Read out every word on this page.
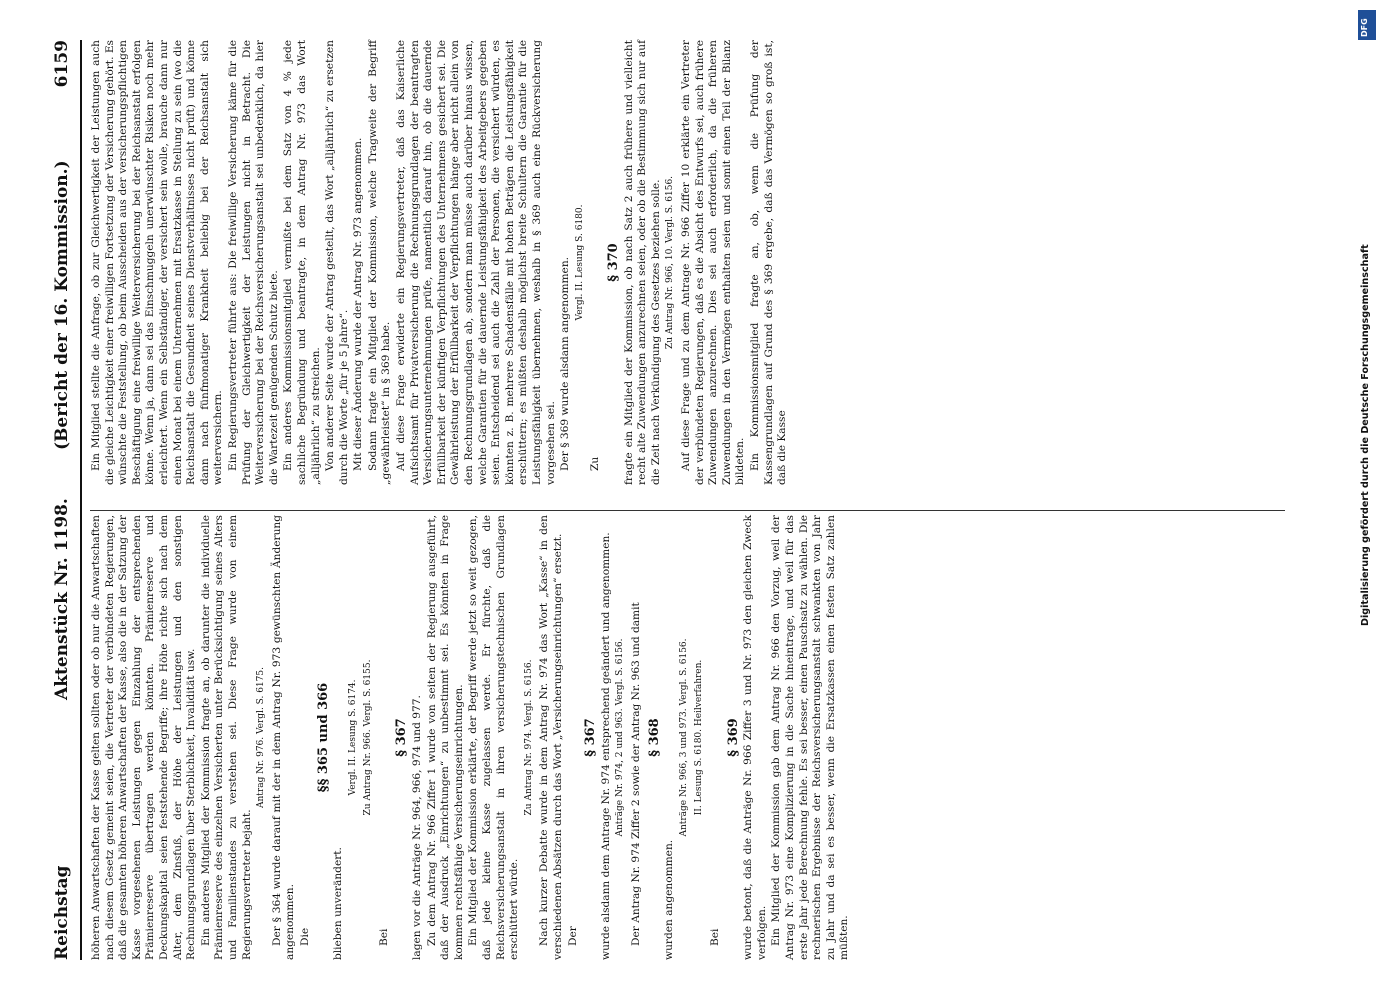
Reichstag
Aktenstück Nr. 1198.
(Bericht der 16. Kommission.)
6159

höheren Anwartschaften der Kasse gelten sollten oder ob nur die Anwartschaften nach diesem Gesetz gemeint seien, die Vertreter der verbündeten Regierungen, daß die gesamten höheren Anwartschaften der Kasse, also die in der Satzung der Kasse vorgesehenen Leistungen gegen Einzahlung der entsprechenden Prämienreserve übertragen werden könnten. Prämienreserve und Deckungskapital seien feststehende Begriffe; ihre Höhe richte sich nach dem Alter, dem Zinsfuß, der Höhe der Leistungen und den sonstigen Rechnungsgrundlagen über Sterblichkeit, Invalidität usw. Ein anderes Mitglied der Kommission fragte an, ob darunter die individuelle Prämienreserve des einzelnen Versicherten unter Berücksichtigung seines Alters und Familienstandes zu verstehen sei. Diese Frage wurde von einem Regierungsvertreter bejaht.

Antrag Nr. 976. Vergl. S. 6175. Der § 364 wurde darauf mit der in dem Antrag Nr. 973 gewünschten Änderung angenommen. Die

§§ 365 und 366

blieben unverändert.

Vergl. II. Lesung S. 6174. Zu Antrag Nr. 966. Vergl. S. 6155.

Bei

§ 367 lagen vor die Anträge Nr. 964, 966, 974 und 977. Zu dem Antrag Nr. 966 Ziffer 1 wurde von seiten der Regierung ausgeführt, daß der Ausdruck „Einrichtungen“ zu unbestimmt sei. Es könnten in Frage kommen rechtsfähige Versicherungseinrichtungen. Ein Mitglied der Kommission erklärte, der Begriff werde jetzt so weit gezogen, daß jede kleine Kasse zugelassen werde. Er fürchte, daß die Reichsversicherungsanstalt in ihren versicherungstechnischen Grundlagen erschüttert würde.

Zu Antrag Nr. 974. Vergl. S. 6156. Nach kurzer Debatte wurde in dem Antrag Nr. 974 das Wort „Kasse“ in den verschiedenen Absätzen durch das Wort „Versicherungseinrichtungen“ ersetzt. Der

§ 367 wurde alsdann dem Antrage Nr. 974 entsprechend geändert und angenommen. Anträge Nr. 974, 2 und 963. Vergl. S. 6156. Der Antrag Nr. 974 Ziffer 2 sowie der Antrag Nr. 963 und damit § 368

wurden angenommen.

Anträge Nr. 966, 3 und 973. Vergl. S. 6156. II. Lesung S. 6180. Heilverfahren.

Bei

§ 369 wurde betont, daß die Anträge Nr. 966 Ziffer 3 und Nr. 973 den gleichen Zweck verfolgen. Ein Mitglied der Kommission gab dem Antrag Nr. 966 den Vorzug, weil der Antrag Nr. 973 eine Komplizierung in die Sache hineintrage, und weil für das erste Jahr jede Berechnung fehle. Es sei besser, einen Pauschsatz zu wählen. Die rechnerischen Ergebnisse der Reichsversicherungsanstalt schwankten von Jahr zu Jahr und da sei es besser, wenn die Ersatzkassen einen festen Satz zahlen müßten.

Ein Mitglied stellte die Anfrage, ob zur Gleichwertigkeit der Leistungen auch die gleiche Leichtigkeit einer freiwilligen Fortsetzung der Versicherung gehört. Es wünschte die Feststellung, ob beim Ausscheiden aus der versicherungspflichtigen Beschäftigung eine freiwillige Weiterversicherung bei der Reichsanstalt erfolgen könne. Wenn ja, dann sei das Einschmuggeln unerwünschter Risiken noch mehr erleichtert. Wenn ein Selbständiger, der versichert sein wolle, brauche dann nur einen Monat bei einem Unternehmen mit Ersatzkasse in Stellung zu sein (wo die Reichsanstalt die Gesundheit seines Dienstverhältnisses nicht prüft) und könne dann nach fünfmonatiger Krankheit beliebig bei der Reichsanstalt sich weiterversichern. Ein Regierungsvertreter führte aus: Die freiwillige Versicherung käme für die Prüfung der Gleichwertigkeit der Leistungen nicht in Betracht. Die Weiterversicherung bei der Reichsversicherungsanstalt sei unbedenklich, da hier die Wartezeit genügenden Schutz biete. Ein anderes Kommissionsmitglied vermißte bei dem Satz von 4 % jede sachliche Begründung und beantragte, in dem Antrag Nr. 973 das Wort „alljährlich“ zu streichen. Von anderer Seite wurde der Antrag gestellt, das Wort „alljährlich“ zu ersetzen durch die Worte „für je 5 Jahre“. Mit dieser Änderung wurde der Antrag Nr. 973 angenommen. Sodann fragte ein Mitglied der Kommission, welche Tragweite der Begriff „gewährleistet“ in § 369 habe. Auf diese Frage erwiderte ein Regierungsvertreter, daß das Kaiserliche Aufsichtsamt für Privatversicherung die Rechnungsgrundlagen der beantragten Versicherungsunternehmungen prüfe, namentlich darauf hin, ob die dauernde Erfüllbarkeit der künftigen Verpflichtungen des Unternehmens gesichert sei. Die Gewährleistung der Erfüllbarkeit der Verpflichtungen hänge aber nicht allein von den Rechnungsgrundlagen ab, sondern man müsse auch darüber hinaus wissen, welche Garantien für die dauernde Leistungsfähigkeit des Arbeitgebers gegeben seien. Entscheidend sei auch die Zahl der Personen, die versichert würden, es könnten z. B. mehrere Schadensfälle mit hohen Beträgen die Leistungsfähigkeit erschüttern; es müßten deshalb möglichst breite Schultern die Garantie für die Leistungsfähigkeit übernehmen, weshalb in § 369 auch eine Rückversicherung vorgesehen sei. Der § 369 wurde alsdann angenommen. Vergl. II. Lesung S. 6180.

Zu

§ 370 fragte ein Mitglied der Kommission, ob nach Satz 2 auch frühere und vielleicht recht alte Zuwendungen anzurechnen seien, oder ob die Bestimmung sich nur auf die Zeit nach Verkündigung des Gesetzes beziehen solle. Zu Antrag Nr. 966, 10. Vergl. S. 6156. Auf diese Frage und zu dem Antrage Nr. 966 Ziffer 10 erklärte ein Vertreter der verbündeten Regierungen, daß es die Absicht des Entwurfs sei, auch frühere Zuwendungen anzurechnen. Dies sei auch erforderlich, da die früheren Zuwendungen in den Vermögen enthalten seien und somit einen Teil der Bilanz bildeten. Ein Kommissionsmitglied fragte an, ob, wenn die Prüfung der Kassengrundlagen auf Grund des § 369 ergebe, daß das Vermögen so groß ist, daß die Kasse

DFG
Digitalisierung gefördert durch die Deutsche Forschungsgemeinschaft
